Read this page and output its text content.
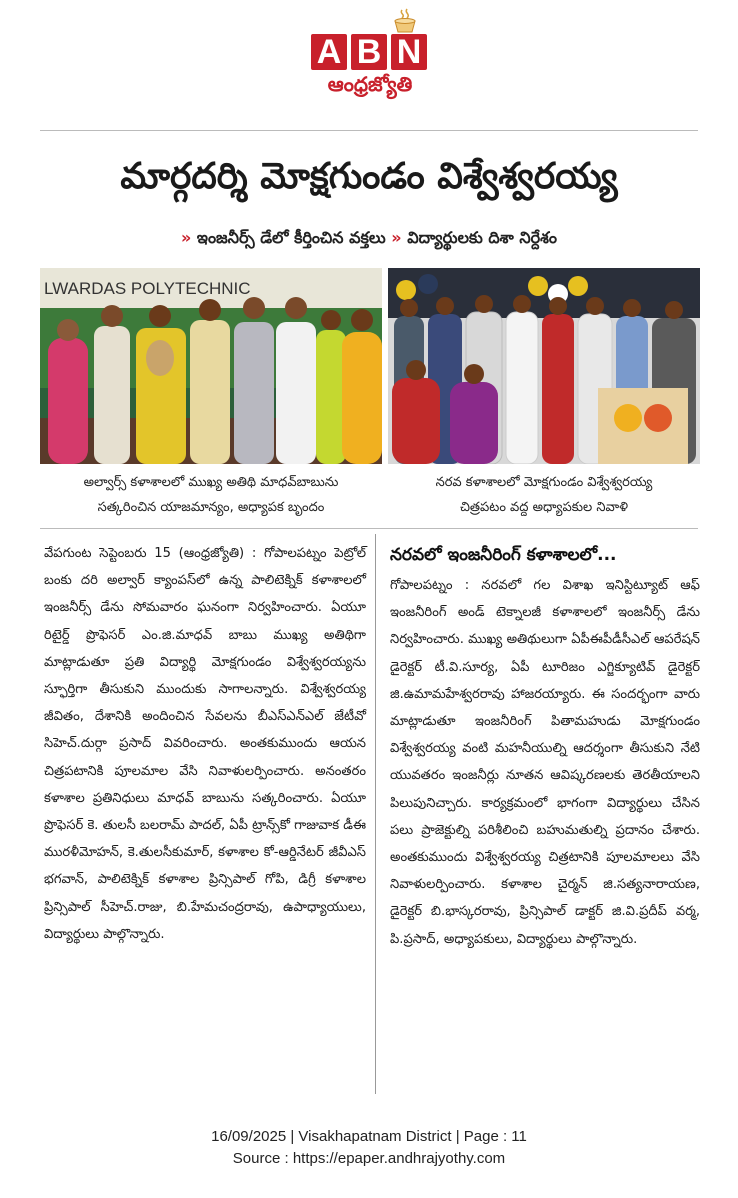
A B N
ఆంధ్రజ్యోతి
మార్గదర్శి మోక్షగుండం విశ్వేశ్వరయ్య
» ఇంజనీర్స్ డేలో కీర్తించిన వక్తలు » విద్యార్థులకు దిశా నిర్దేశం
LWARDAS POLYTECHNIC
అల్వార్స్ కళాశాలలో ముఖ్య అతిథి మాధవ్‌బాబును
సత్కరించిన యాజమాన్యం, అధ్యాపక బృందం
నరవ కళాశాలలో మోక్షగుండం విశ్వేశ్వరయ్య
చిత్రపటం వద్ద అధ్యాపకుల నివాళి

వేపగుంట సెప్టెంబరు 15 (ఆంధ్రజ్యోతి) : గోపాలపట్నం పెట్రోల్ బంకు దరి అల్వార్ క్యాంపస్‌లో ఉన్న పాలిటెక్నిక్ కళాశాలలో ఇంజనీర్స్ డేను సోమవారం ఘనంగా నిర్వహించారు. ఏయూ రిటైర్డ్ ప్రొఫెసర్ ఎం.జి.మాధవ్ బాబు ముఖ్య అతిథిగా మాట్లాడుతూ ప్రతి విద్యార్థి మోక్షగుండం విశ్వేశ్వరయ్యను స్ఫూర్తిగా తీసుకుని ముందుకు సాగాలన్నారు. విశ్వేశ్వరయ్య జీవితం, దేశానికి అందించిన సేవలను బీఎస్ఎన్ఎల్ జేటీవో సిహెచ్.దుర్గా ప్రసాద్ వివరించారు. అంతకుముందు ఆయన చిత్రపటానికి పూలమాల వేసి నివాళులర్పించారు. అనంతరం కళాశాల ప్రతినిధులు మాధవ్ బాబును సత్కరించారు. ఏయూ ప్రొఫెసర్ కె. తులసీ బలరామ్ పాదల్, ఏపీ ట్రాన్స్‌కో గాజువాక డీఈ మురళీమోహన్, కె.తులసీకుమార్, కళాశాల కో-ఆర్డినేటర్ జీవీఎస్ భగవాన్, పాలిటెక్నిక్ కళాశాల ప్రిన్సిపాల్ గోపి, డిగ్రీ కళాశాల ప్రిన్సిపాల్ సీహెచ్.రాజు, బి.హేమచంద్రరావు, ఉపాధ్యాయులు, విద్యార్థులు పాల్గొన్నారు.

నరవలో ఇంజనీరింగ్ కళాశాలలో...

గోపాలపట్నం : నరవలో గల విశాఖ ఇనిస్టిట్యూట్ ఆఫ్ ఇంజనీరింగ్ అండ్ టెక్నాలజీ కళాశాలలో ఇంజనీర్స్ డేను నిర్వహించారు. ముఖ్య అతిథులుగా ఏపీఈపీడీసీఎల్ ఆపరేషన్ డైరెక్టర్ టీ.వి.సూర్య, ఏపీ టూరిజం ఎగ్జిక్యూటివ్ డైరెక్టర్ జి.ఉమామహేశ్వరరావు హాజరయ్యారు. ఈ సందర్భంగా వారు మాట్లాడుతూ ఇంజనీరింగ్ పితామహుడు మోక్షగుండం విశ్వేశ్వరయ్య వంటి మహనీయుల్ని ఆదర్శంగా తీసుకుని నేటి యువతరం ఇంజనీర్లు నూతన ఆవిష్కరణలకు తెరతీయాలని పిలుపునిచ్చారు. కార్యక్రమంలో భాగంగా విద్యార్థులు చేసిన పలు ప్రాజెక్టుల్ని పరిశీలించి బహుమతుల్ని ప్రదానం చేశారు. అంతకుముందు విశ్వేశ్వరయ్య చిత్రటానికి పూలమాలలు వేసి నివాళులర్పించారు. కళాశాల చైర్మన్ జి.సత్యనారాయణ, డైరెక్టర్ బి.భాస్కరరావు, ప్రిన్సిపాల్ డాక్టర్ జి.వి.ప్రదీప్ వర్మ, పి.ప్రసాద్, అధ్యాపకులు, విద్యార్థులు పాల్గొన్నారు.

16/09/2025 | Visakhapatnam District | Page : 11
Source : https://epaper.andhrajyothy.com
